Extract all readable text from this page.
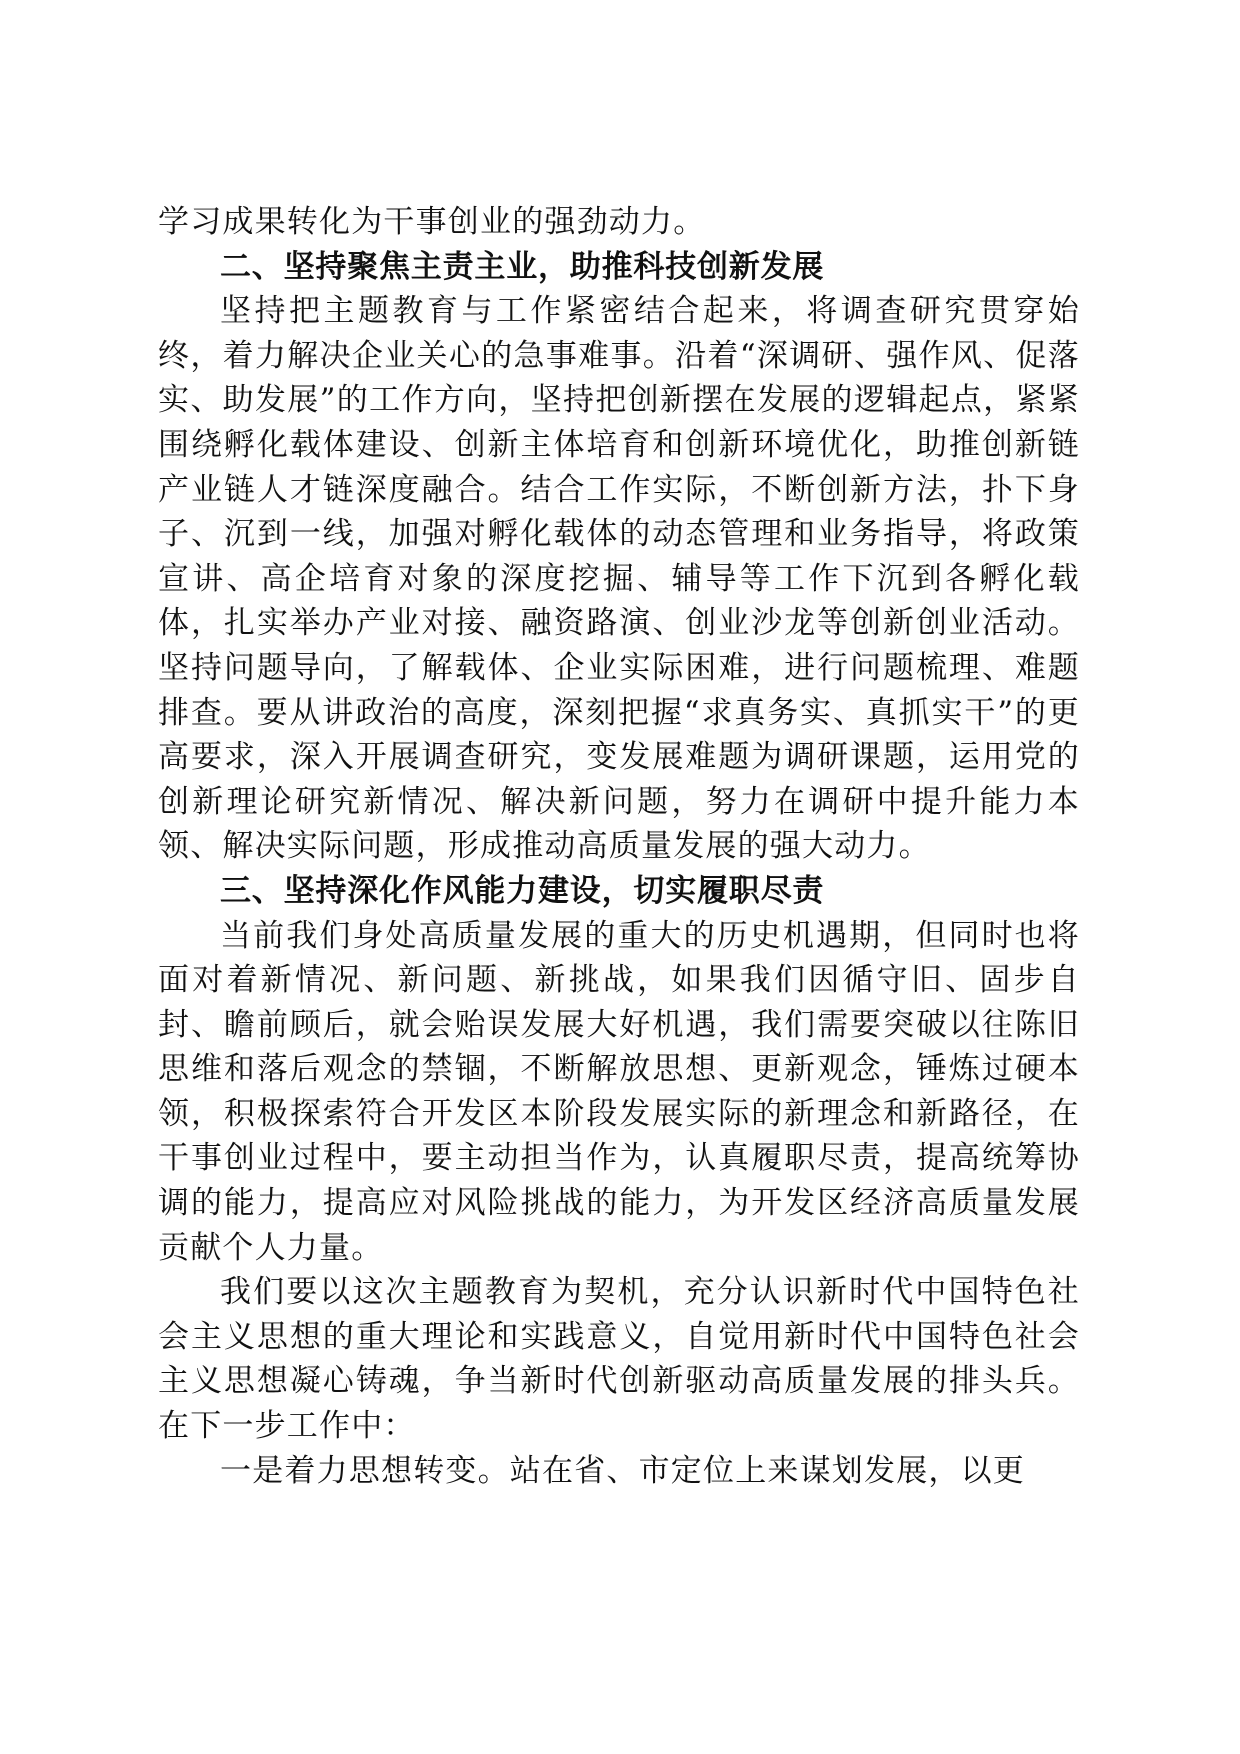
学习成果转化为干事创业的强劲动力。

二、坚持聚焦主责主业，助推科技创新发展

坚持把主题教育与工作紧密结合起来，将调查研究贯穿始终，着力解决企业关心的急事难事。沿着“深调研、强作风、促落实、助发展”的工作方向，坚持把创新摆在发展的逻辑起点，紧紧围绕孵化载体建设、创新主体培育和创新环境优化，助推创新链产业链人才链深度融合。结合工作实际，不断创新方法，扑下身子、沉到一线，加强对孵化载体的动态管理和业务指导，将政策宣讲、高企培育对象的深度挖掘、辅导等工作下沉到各孵化载体，扎实举办产业对接、融资路演、创业沙龙等创新创业活动。坚持问题导向，了解载体、企业实际困难，进行问题梳理、难题排查。要从讲政治的高度，深刻把握“求真务实、真抓实干”的更高要求，深入开展调查研究，变发展难题为调研课题，运用党的创新理论研究新情况、解决新问题，努力在调研中提升能力本领、解决实际问题，形成推动高质量发展的强大动力。

三、坚持深化作风能力建设，切实履职尽责

当前我们身处高质量发展的重大的历史机遇期，但同时也将面对着新情况、新问题、新挑战，如果我们因循守旧、固步自封、瞻前顾后，就会贻误发展大好机遇，我们需要突破以往陈旧思维和落后观念的禁锢，不断解放思想、更新观念，锤炼过硬本领，积极探索符合开发区本阶段发展实际的新理念和新路径，在干事创业过程中，要主动担当作为，认真履职尽责，提高统筹协调的能力，提高应对风险挑战的能力，为开发区经济高质量发展贡献个人力量。

我们要以这次主题教育为契机，充分认识新时代中国特色社会主义思想的重大理论和实践意义，自觉用新时代中国特色社会主义思想凝心铸魂，争当新时代创新驱动高质量发展的排头兵。在下一步工作中：

一是着力思想转变。站在省、市定位上来谋划发展，以更
